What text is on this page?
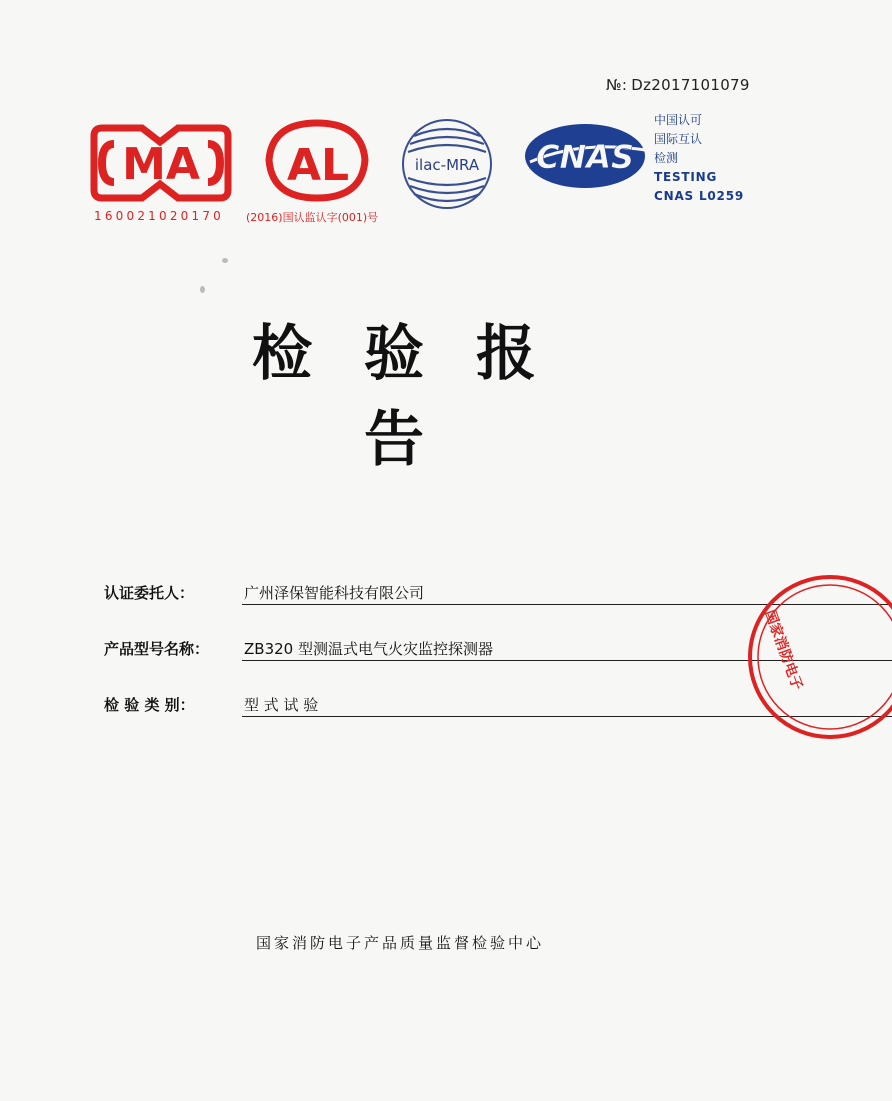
№: Dz2017101079
MA
160021020170
AL
(2016)国认监认字(001)号
ilac-MRA CNAS
中国认可
国际互认
检测
TESTING
CNAS L0259
检验报告
认证委托人：	广州泽保智能科技有限公司
产品型号名称： ZB320 型测温式电气火灾监控探测器
检 验 类 别：	型 式 试 验
国家消防电子产品质量监督检验中心
国家消防电子
